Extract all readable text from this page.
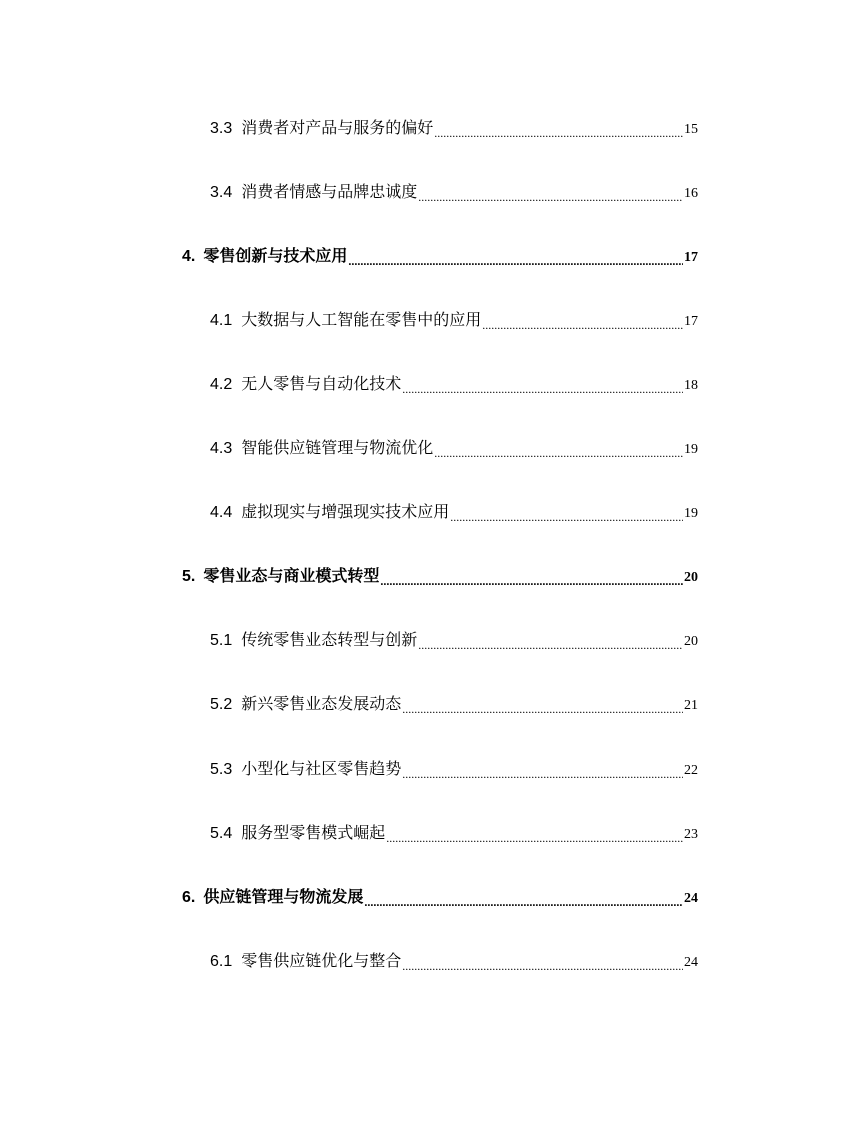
3.3 消费者对产品与服务的偏好 .....	15
3.4 消费者情感与品牌忠诚度 .....	16
4. 零售创新与技术应用 .....	17
4.1 大数据与人工智能在零售中的应用 .....	17
4.2 无人零售与自动化技术 .....	18
4.3 智能供应链管理与物流优化 .....	19
4.4 虚拟现实与增强现实技术应用 .....	19
5. 零售业态与商业模式转型 .....	20
5.1 传统零售业态转型与创新 .....	20
5.2 新兴零售业态发展动态 .....	21
5.3 小型化与社区零售趋势 .....	22
5.4 服务型零售模式崛起 .....	23
6. 供应链管理与物流发展 .....	24
6.1 零售供应链优化与整合 .....	24
